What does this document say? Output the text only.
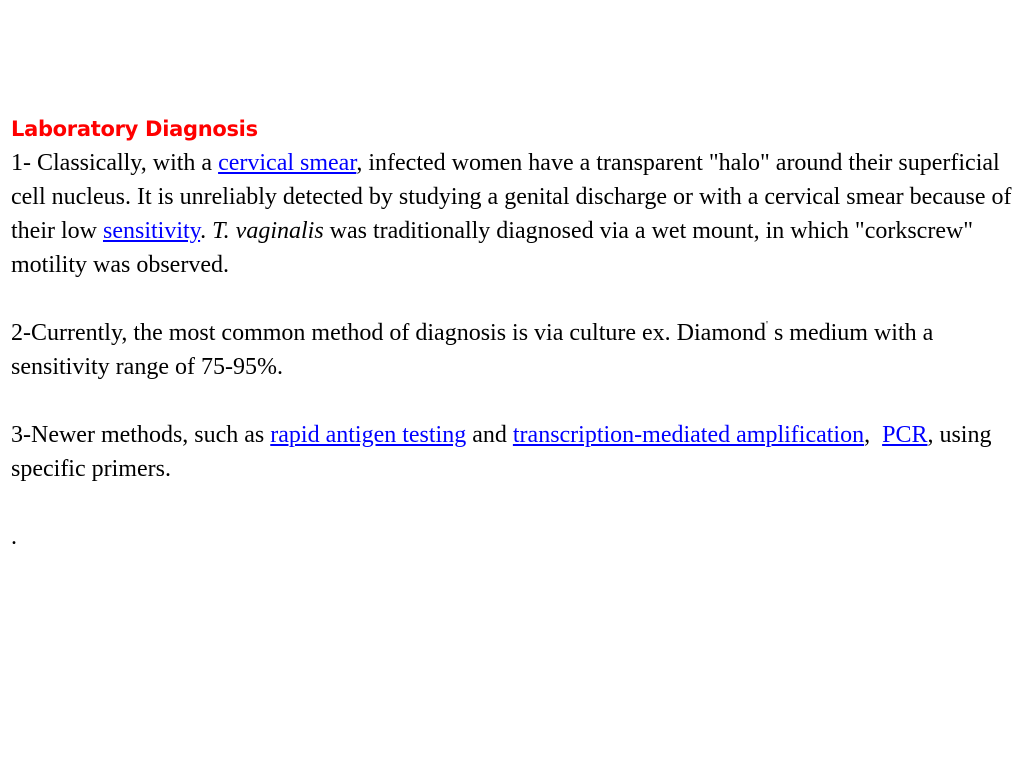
Laboratory Diagnosis

1- Classically, with a cervical smear, infected women have a transparent "halo" around their superficial cell nucleus. It is unreliably detected by studying a genital discharge or with a cervical smear because of their low sensitivity. T. vaginalis was traditionally diagnosed via a wet mount, in which "corkscrew" motility was observed.

2-Currently, the most common method of diagnosis is via culture ex. Diamond' s medium with a sensitivity range of 75-95%.

3-Newer methods, such as rapid antigen testing and transcription-mediated amplification,  PCR, using specific primers.

.
